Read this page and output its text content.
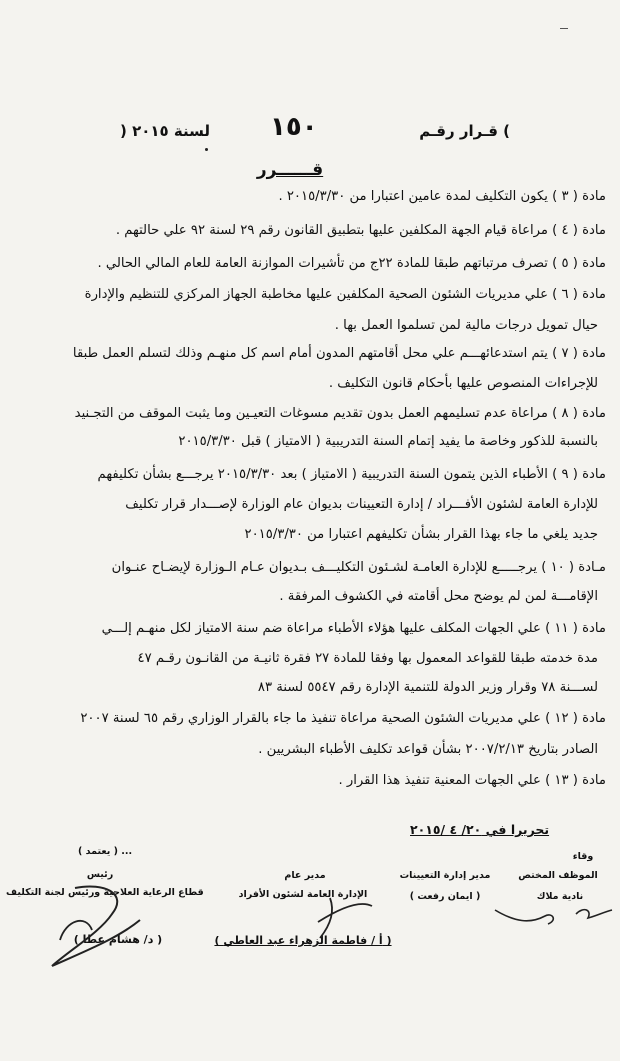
قـرار رقـم (
١٥٠
) لسنة ٢٠١٥
قــــــرر
مادة ( ٣ ) يكون التكليف لمدة عامين اعتبارا من ٢٠١٥/٣/٣٠ .
مادة ( ٤ ) مراعاة قيام الجهة المكلفين عليها بتطبيق القانون رقم ٢٩ لسنة ٩٢ علي حالتهم .
مادة ( ٥ ) تصرف مرتباتهم طبقا للمادة ٢٢ج من تأشيرات الموازنة العامة للعام المالي الحالي .
مادة ( ٦ ) علي مديريات الشئون الصحية المكلفين عليها مخاطبة الجهاز المركزي للتنظيم والإدارة
حيال تمويل درجات مالية لمن تسلموا العمل بها .
مادة ( ٧ ) يتم استدعائهـــم علي محل أقامتهم المدون أمام اسم كل منهـم وذلك لتسلم العمل طبقا
للإجراءات المنصوص عليها بأحكام قانون التكليف .
مادة ( ٨ ) مراعاة عدم تسليمهم العمل بدون تقديم مسوغات التعيـين وما يثبت الموقف من التجـنيد
بالنسبة للذكور وخاصة ما يفيد إتمام السنة التدريبية ( الامتياز ) قبل ٢٠١٥/٣/٣٠
مادة ( ٩ ) الأطباء الذين يتمون السنة التدريبية ( الامتياز ) بعد ٢٠١٥/٣/٣٠ يرجـــع بشأن تكليفهم
للإدارة العامة لشئون الأفـــراد / إدارة التعيينات بديوان عام الوزارة لإصـــدار قرار تكليف
جديد يلغي ما جاء بهذا القرار بشأن تكليفهم اعتبارا من ٢٠١٥/٣/٣٠
مـادة ( ١٠ ) يرجـــــع للإدارة العامـة لشـئون التكليـــف بـديوان عـام الـوزارة لإيضـاح عنـوان
الإقامـــة لمن لم يوضح محل أقامته في الكشوف المرفقة .
مادة ( ١١ ) علي الجهات المكلف عليها هؤلاء الأطباء مراعاة ضم سنة الامتياز لكل منهـم إلـــي
مدة خدمته طبقا للقواعد المعمول بها وفقا للمادة ٢٧ فقرة ثانيـة من القانـون رقـم ٤٧
لســـنة ٧٨ وقرار وزير الدولة للتنمية الإدارة رقم ٥٥٤٧ لسنة ٨٣
مادة ( ١٢ ) علي مديريات الشئون الصحية مراعاة تنفيذ ما جاء بالقرار الوزاري رقم ٦٥ لسنة ٢٠٠٧
الصادر بتاريخ ٢٠٠٧/٢/١٣ بشأن قواعد تكليف الأطباء البشريين .
مادة ( ١٣ ) علي الجهات المعنية تنفيذ هذا القرار .
تحريرا في ٢٠/ ٤ /٢٠١٥
وقاء
( يعتمد ) ...
الموظف المختص
نادية ملاك
مدير إدارة التعيينات
( ايمان رفعت )
مدير عام
الإدارة العامة لشئون الأفراد
( أ / فاطمة الزهراء عبد العاطي )
رئيس
قطاع الرعاية العلاجية ورئيس لجنة التكليف
( د/ هشام عطا )
